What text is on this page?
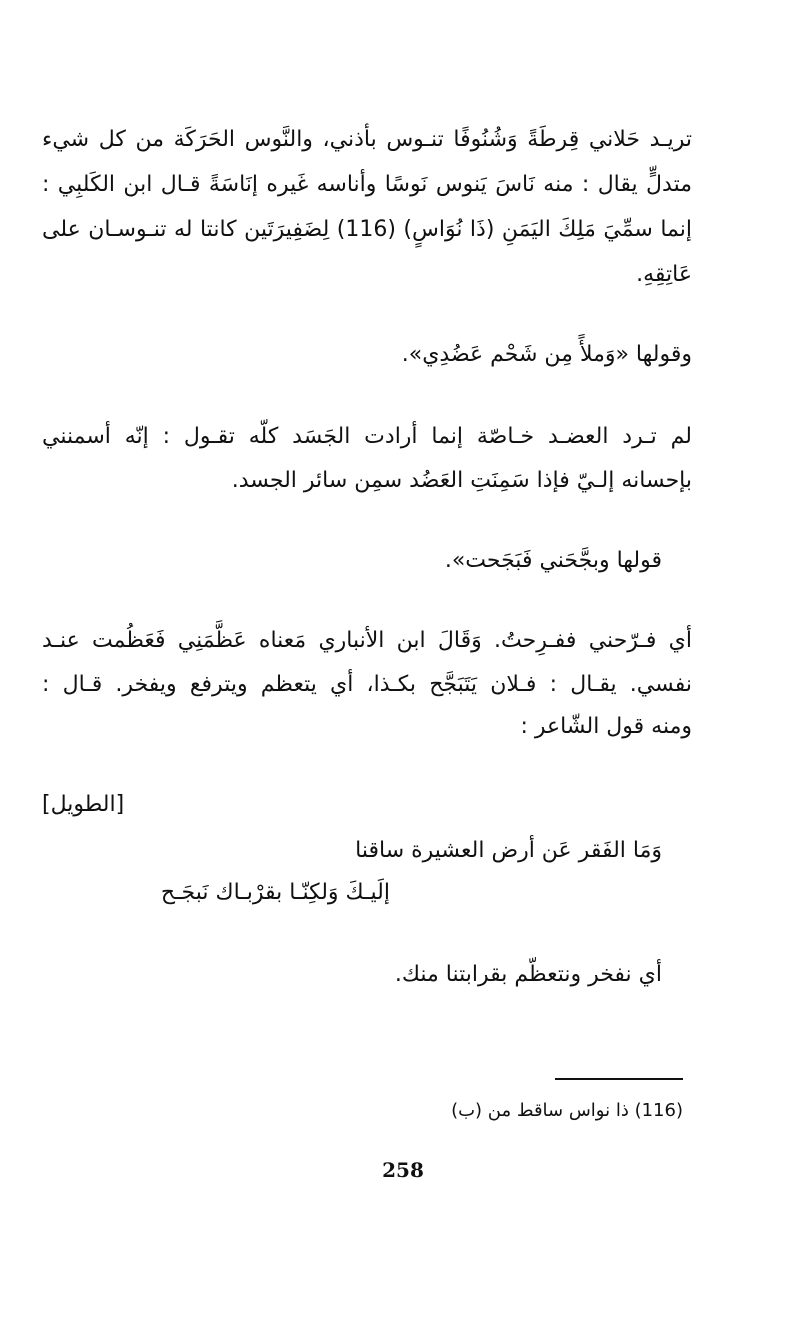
تريـد حَلاني قِرطَةً وَشُنُوفًا تنـوس بأذني، والنَّوس الحَرَكَة من كل شيء
متدلٍّ يقال : منه نَاسَ يَنوس نَوسًا وأناسه غَيره إنَاسَةً قـال ابن الكَلبِي :
إنما سمِّيَ مَلِكَ اليَمَنِ (ذَا نُوَاسٍ) (116) لِضَفِيرَتَين كانتا له تنـوسـان على
عَاتِقِهِ.
وقولها «وَملأً مِن شَحْم عَضُدِي».
لم تـرد العضـد خـاصّة إنما أرادت الجَسَد كلّه تقـول : إنّه أسمنني
بإحسانه إلـيّ فإذا سَمِنَتِ العَضُد سمِن سائر الجسد.
قولها وبجَّحَني فَبَجَحت».
أي فـرّحني ففـرِحتُ. وَقَالَ ابن الأنباري مَعناه عَظَّمَنِي فَعَظُمت عنـد
نفسي. يقـال : فـلان يَتَبَجَّح بكـذا، أي يتعظم ويترفع ويفخر. قـال :
ومنه قول الشّاعر :
[الطويل]
وَمَا الفَقر عَن أرض العشيرة ساقنا
إلَيـكَ وَلكِنّـا بقرْبـاك نَبجَـح
أي نفخر ونتعظّم بقرابتنا منك.
(116) ذا نواس ساقط من (ب)
258
